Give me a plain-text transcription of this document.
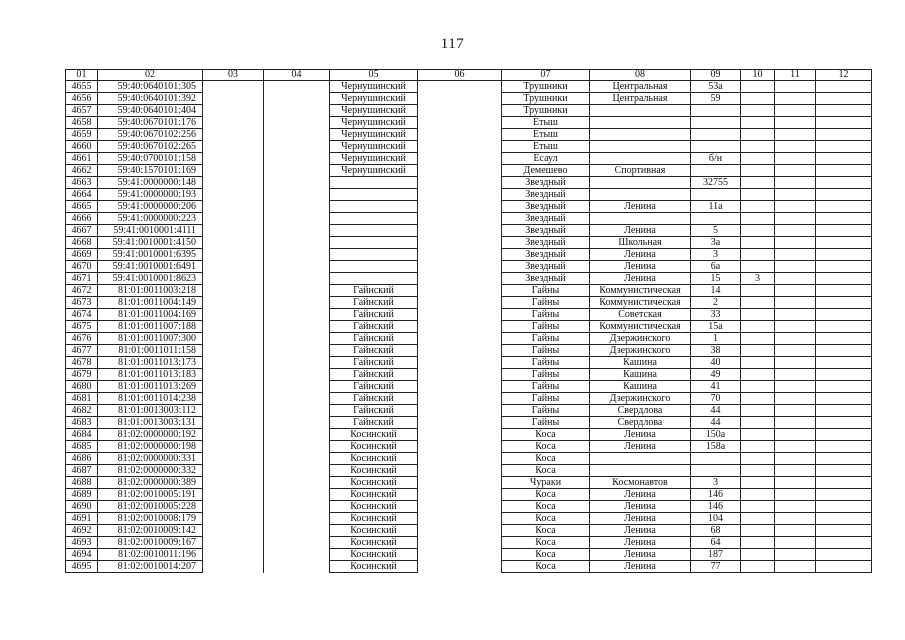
117
01	02	03	04	05	06	07	08	09	10	11	12
4655	59:40:0640101:305			Чернушинский		Трушники	Центральная	53а			
4656	59:40:0640101:392			Чернушинский		Трушники	Центральная	59			
4657	59:40:0640101:404			Чернушинский		Трушники					
4658	59:40:0670101:176			Чернушинский		Етыш					
4659	59:40:0670102:256			Чернушинский		Етыш					
4660	59:40:0670102:265			Чернушинский		Етыш					
4661	59:40:0700101:158			Чернушинский		Есаул		б/н			
4662	59:40:1570101:169			Чернушинский		Демешево	Спортивная				
4663	59:41:0000000:148					Звездный		32755			
4664	59:41:0000000:193					Звездный					
4665	59:41:0000000:206					Звездный	Ленина	11а			
4666	59:41:0000000:223					Звездный					
4667	59:41:0010001:4111					Звездный	Ленина	5			
4668	59:41:0010001:4150					Звездный	Школьная	3а			
4669	59:41:0010001:6395					Звездный	Ленина	3			
4670	59:41:0010001:6491					Звездный	Ленина	6а			
4671	59:41:0010001:8623					Звездный	Ленина	15	3		
4672	81:01:0011003:218			Гайнский		Гайны	Коммунистическая	14			
4673	81:01:0011004:149			Гайнский		Гайны	Коммунистическая	2			
4674	81:01:0011004:169			Гайнский		Гайны	Советская	33			
4675	81:01:0011007:188			Гайнский		Гайны	Коммунистическая	15а			
4676	81:01:0011007:300			Гайнский		Гайны	Дзержинского	1			
4677	81:01:0011011:158			Гайнский		Гайны	Дзержинского	38			
4678	81:01:0011013:173			Гайнский		Гайны	Кашина	40			
4679	81:01:0011013:183			Гайнский		Гайны	Кашина	49			
4680	81:01:0011013:269			Гайнский		Гайны	Кашина	41			
4681	81:01:0011014:238			Гайнский		Гайны	Дзержинского	70			
4682	81:01:0013003:112			Гайнский		Гайны	Свердлова	44			
4683	81:01:0013003:131			Гайнский		Гайны	Свердлова	44			
4684	81:02:0000000:192			Косинский		Коса	Ленина	150а			
4685	81:02:0000000:198			Косинский		Коса	Ленина	158а			
4686	81:02:0000000:331			Косинский		Коса					
4687	81:02:0000000:332			Косинский		Коса					
4688	81:02:0000000:389			Косинский		Чураки	Космонавтов	3			
4689	81:02:0010005:191			Косинский		Коса	Ленина	146			
4690	81:02:0010005:228			Косинский		Коса	Ленина	146			
4691	81:02:0010008:179			Косинский		Коса	Ленина	104			
4692	81:02:0010009:142			Косинский		Коса	Ленина	68			
4693	81:02:0010009:167			Косинский		Коса	Ленина	64			
4694	81:02:0010011:196			Косинский		Коса	Ленина	187			
4695	81:02:0010014:207			Косинский		Коса	Ленина	77			
